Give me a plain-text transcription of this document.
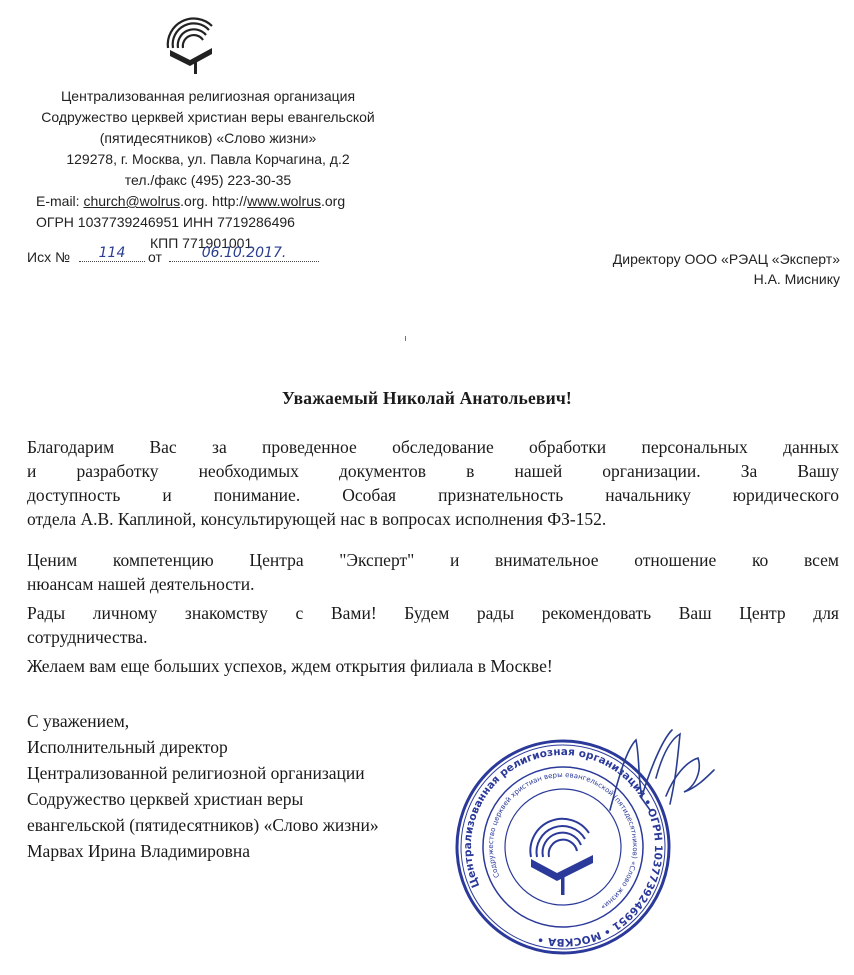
Централизованная религиозная организация
Содружество церквей христиан веры евангельской
(пятидесятников) «Слово жизни»
129278, г. Москва, ул. Павла Корчагина, д.2
тел./факс (495) 223-30-35
E-mail: church@wolrus.org. http://www.wolrus.org
ОГРН 1037739246951 ИНН 7719286496
КПП 771901001
Исх №	114	от	06.10.2017.	Директору ООО «РЭАЦ «Эксперт»
Н.А. Миснику
Уважаемый Николай Анатольевич!
Благодарим Вас за проведенное обследование обработки персональных данных
и разработку необходимых документов в нашей организации. За Вашу
доступность и понимание. Особая признательность начальнику юридического
отдела А.В. Каплиной, консультирующей нас в вопросах исполнения ФЗ-152.
Ценим компетенцию Центра "Эксперт" и внимательное отношение ко всем
нюансам нашей деятельности.
Рады личному знакомству с Вами! Будем рады рекомендовать Ваш Центр для
сотрудничества.
Желаем вам еще больших успехов, ждем открытия филиала в Москве!
С уважением,
Исполнительный директор
Централизованной религиозной организации
Содружество церквей христиан веры
евангельской (пятидесятников) «Слово жизни»
Марвах Ирина Владимировна
Централизованная религиозная организация • ОГРН 1037739246951 • МОСКВА •
Содружество церквей христиан веры евангельской (пятидесятников) «Слово жизни»
